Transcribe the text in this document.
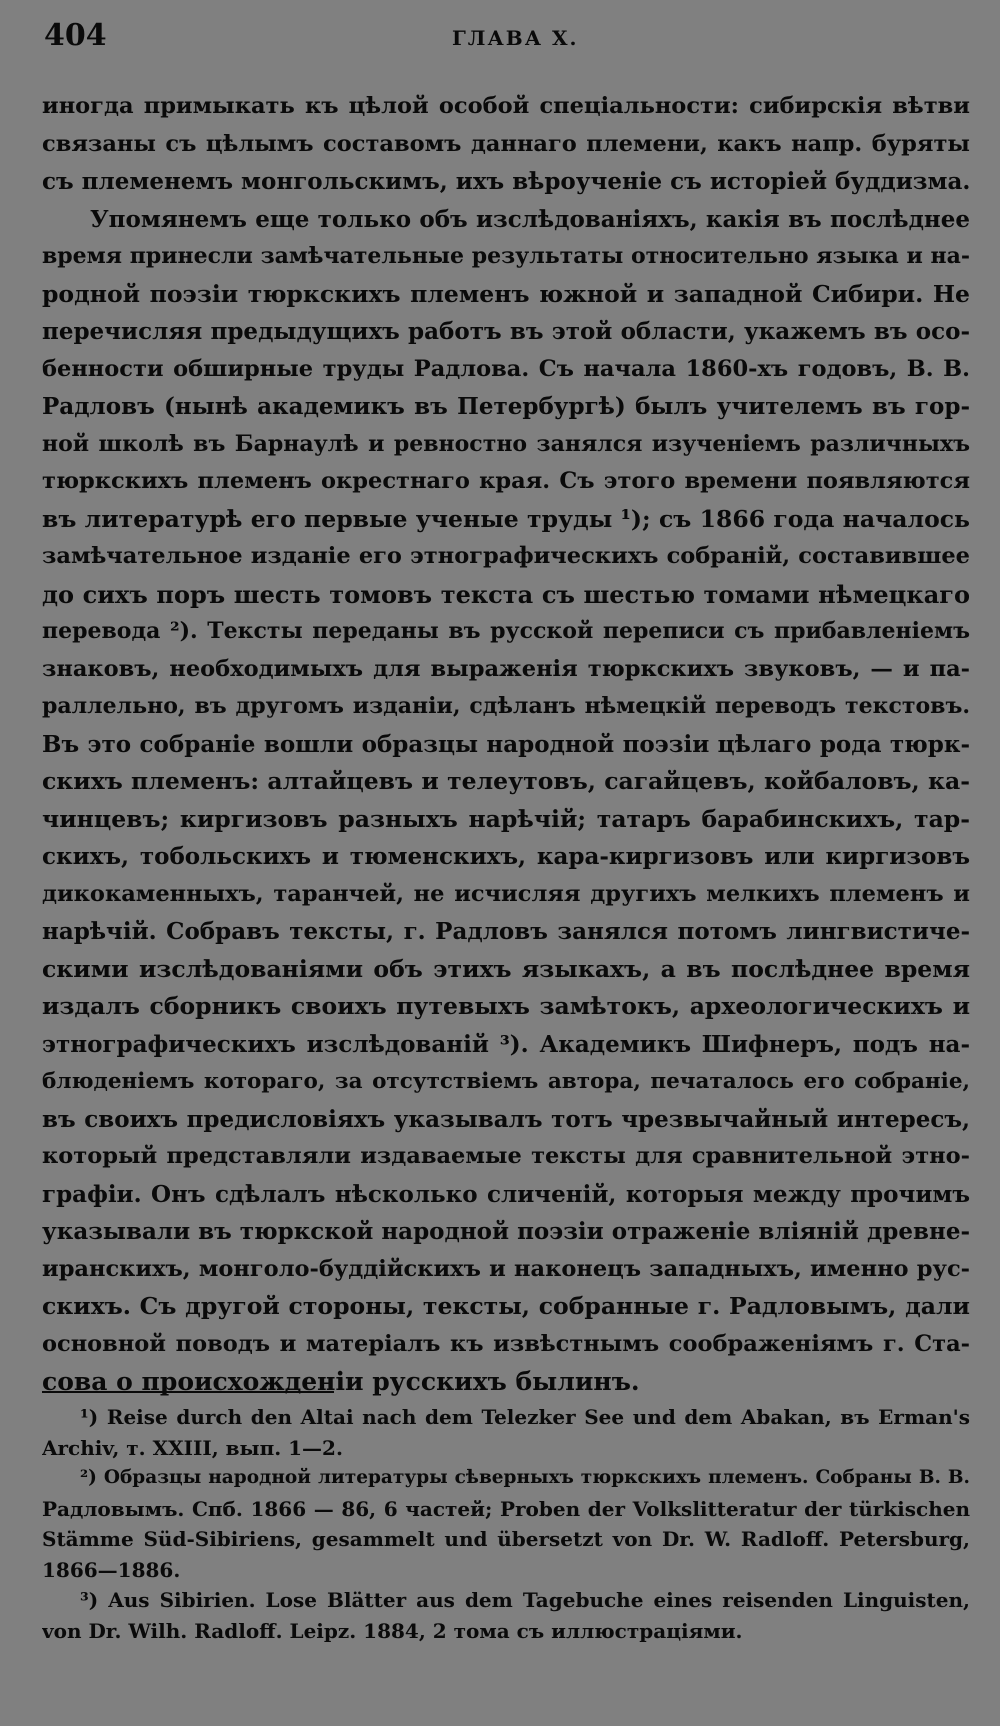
404	ГЛАВА X.
иногда примыкать къ цѣлой особой спеціальности: сибирскія вѣтви
связаны съ цѣлымъ составомъ даннаго племени, какъ напр. буряты
съ племенемъ монгольскимъ, ихъ вѣроученіе съ исторіей буддизма.
Упомянемъ еще только объ изслѣдованіяхъ, какія въ послѣднее
время принесли замѣчательные результаты относительно языка и на-
родной поэзіи тюркскихъ племенъ южной и западной Сибири. Не
перечисляя предыдущихъ работъ въ этой области, укажемъ въ осо-
бенности обширные труды Радлова. Съ начала 1860-хъ годовъ, В. В.
Радловъ (нынѣ академикъ въ Петербургѣ) былъ учителемъ въ гор-
ной школѣ въ Барнаулѣ и ревностно занялся изученіемъ различныхъ
тюркскихъ племенъ окрестнаго края. Съ этого времени появляются
въ литературѣ его первые ученые труды ¹); съ 1866 года началось
замѣчательное изданіе его этнографическихъ собраній, составившее
до сихъ поръ шесть томовъ текста съ шестью томами нѣмецкаго
перевода ²). Тексты переданы въ русской переписи съ прибавленіемъ
знаковъ, необходимыхъ для выраженія тюркскихъ звуковъ, — и па-
раллельно, въ другомъ изданіи, сдѣланъ нѣмецкій переводъ текстовъ.
Въ это собраніе вошли образцы народной поэзіи цѣлаго рода тюрк-
скихъ племенъ: алтайцевъ и телеутовъ, сагайцевъ, койбаловъ, ка-
чинцевъ; киргизовъ разныхъ нарѣчій; татаръ барабинскихъ, тар-
скихъ, тобольскихъ и тюменскихъ, кара-киргизовъ или киргизовъ
дикокаменныхъ, таранчей, не исчисляя другихъ мелкихъ племенъ и
нарѣчій. Собравъ тексты, г. Радловъ занялся потомъ лингвистиче-
скими изслѣдованіями объ этихъ языкахъ, а въ послѣднее время
издалъ сборникъ своихъ путевыхъ замѣтокъ, археологическихъ и
этнографическихъ изслѣдованій ³). Академикъ Шифнеръ, подъ на-
блюденіемъ котораго, за отсутствіемъ автора, печаталось его собраніе,
въ своихъ предисловіяхъ указывалъ тотъ чрезвычайный интересъ,
который представляли издаваемые тексты для сравнительной этно-
графіи. Онъ сдѣлалъ нѣсколько сличеній, которыя между прочимъ
указывали въ тюркской народной поэзіи отраженіе вліяній древне-
иранскихъ, монголо-буддійскихъ и наконецъ западныхъ, именно рус-
скихъ. Съ другой стороны, тексты, собранные г. Радловымъ, дали
основной поводъ и матеріалъ къ извѣстнымъ соображеніямъ г. Ста-
сова о происхожденіи русскихъ былинъ.
¹) Reise durch den Altai nach dem Telezker See und dem Abakan, въ Erman's
Archiv, т. XXIII, вып. 1—2.
²) Образцы народной литературы сѣверныхъ тюркскихъ племенъ. Собраны В. В.
Радловымъ. Спб. 1866 — 86, 6 частей; Proben der Volkslitteratur der türkischen
Stämme Süd-Sibiriens, gesammelt und übersetzt von Dr. W. Radloff. Petersburg,
1866—1886.
³) Aus Sibirien. Lose Blätter aus dem Tagebuche eines reisenden Linguisten,
von Dr. Wilh. Radloff. Leipz. 1884, 2 тома съ иллюстраціями.
